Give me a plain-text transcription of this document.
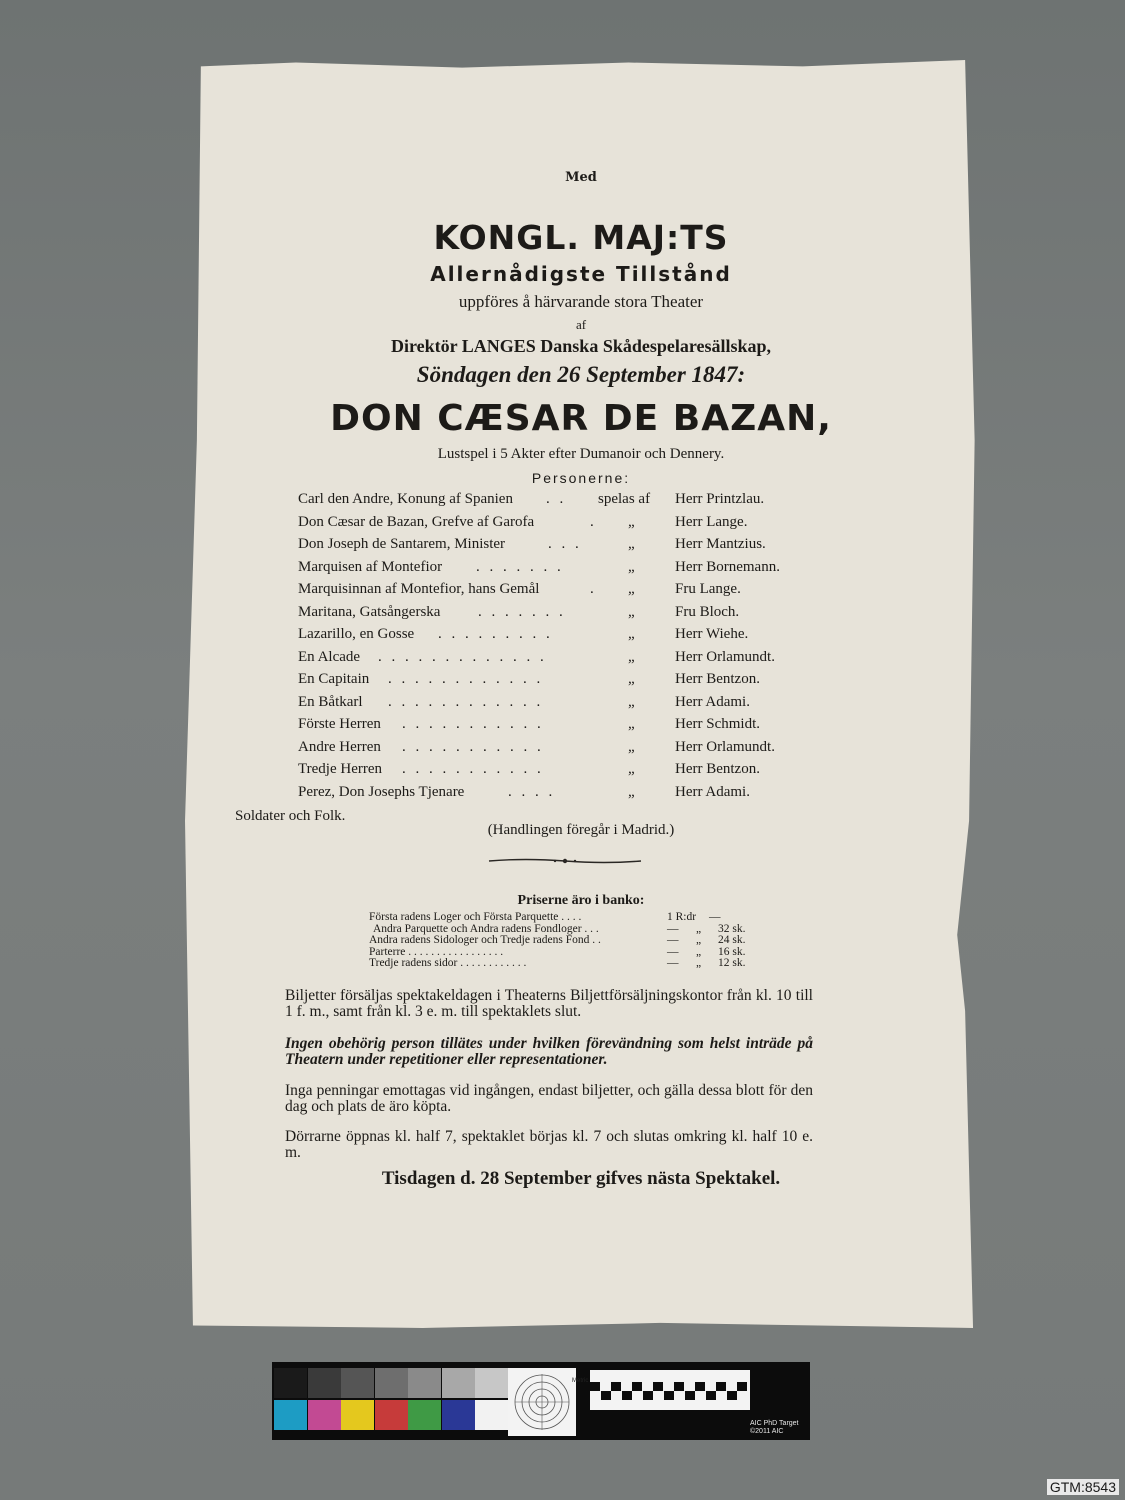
Med
KONGL. MAJ:TS
Allernådigste Tillstånd
uppföres å härvarande stora Theater
af
Direktör LANGES Danska Skådespelaresällskap,
Söndagen den 26 September 1847:
DON CÆSAR DE BAZAN,
Lustspel i 5 Akter efter Dumanoir och Dennery.
Personerne:
Carl den Andre, Konung af Spanien . . spelas af Herr Printzlau.
Don Cæsar de Bazan, Grefve af Garofa	. „	Herr Lange.
Don Joseph de Santarem, Minister	. . .	„	Herr Mantzius.
Marquisen af Montefior . . . . . . .	„	Herr Bornemann.
Marquisinnan af Montefior, hans Gemål	. „	Fru Lange.
Maritana, Gatsångerska	. . . . . . .	„	Fru Bloch.
Lazarillo, en Gosse . . . . . . . . .	„	Herr Wiehe.
En Alcade . . . . . . . . . . . . .	„	Herr Orlamundt.
En Capitain . . . . . . . . . . . .	„	Herr Bentzon.
En Båtkarl . . . . . . . . . . . .	„	Herr Adami.
Förste Herren . . . . . . . . . . .	„	Herr Schmidt.
Andre Herren . . . . . . . . . . .	„	Herr Orlamundt.
Tredje Herren . . . . . . . . . . .	„	Herr Bentzon.
Perez, Don Josephs Tjenare	. . . .	„	Herr Adami.
Soldater och Folk.
(Handlingen föregår i Madrid.)
Priserne äro i banko:
Första radens Loger och Första Parquette . . . .	1 R:dr —
Andra Parquette och Andra radens Fondloger . . .	— „ 32 sk.
Andra radens Sidologer och Tredje radens Fond . .	— „ 24 sk.
Parterre . . . . . . . . . . . . . . . . .	— „ 16 sk.
Tredje radens sidor . . . . . . . . . . . .	— „ 12 sk.
Biljetter försäljas spektakeldagen i Theaterns Biljettförsäljningskontor från kl. 10 till 1 f. m., samt från kl. 3 e. m. till spektaklets slut.
Ingen obehörig person tillätes under hvilken förevändning som helst inträde på Theatern under repetitioner eller representationer.
Inga penningar emottagas vid ingången, endast biljetter, och gälla dessa blott för den dag och plats de äro köpta.
Dörrarne öppnas kl. half 7, spektaklet börjas kl. 7 och slutas omkring kl. half 10 e. m.
Tisdagen d. 28 September gifves nästa Spektakel.
Metric
AIC PhD Target
©2011 AIC
GTM:8543
